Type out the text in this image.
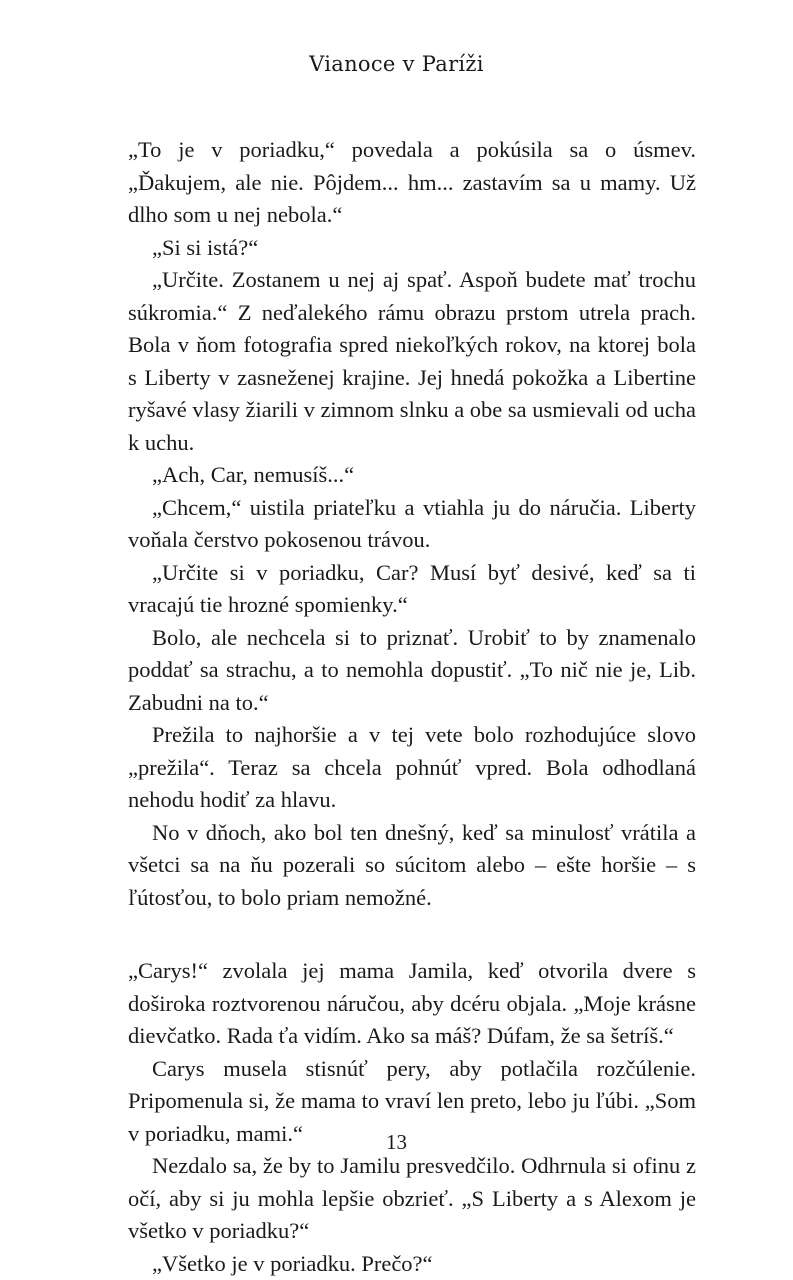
Vianoce v Paríži

„To je v poriadku,“ povedala a pokúsila sa o úsmev. „Ďakujem, ale nie. Pôjdem... hm... zastavím sa u mamy. Už dlho som u nej nebola.“

„Si si istá?“

„Určite. Zostanem u nej aj spať. Aspoň budete mať trochu súkromia.“ Z neďalekého rámu obrazu prstom utrela prach. Bola v ňom fotografia spred niekoľkých rokov, na ktorej bola s Liberty v zasneženej krajine. Jej hnedá pokožka a Libertine ryšavé vlasy žiarili v zimnom slnku a obe sa usmievali od ucha k uchu.

„Ach, Car, nemusíš...“

„Chcem,“ uistila priateľku a vtiahla ju do náručia. Liberty voňala čerstvo pokosenou trávou.

„Určite si v poriadku, Car? Musí byť desivé, keď sa ti vracajú tie hrozné spomienky.“

Bolo, ale nechcela si to priznať. Urobiť to by znamenalo poddať sa strachu, a to nemohla dopustiť. „To nič nie je, Lib. Zabudni na to.“

Prežila to najhoršie a v tej vete bolo rozhodujúce slovo „prežila“. Teraz sa chcela pohnúť vpred. Bola odhodlaná nehodu hodiť za hlavu.

No v dňoch, ako bol ten dnešný, keď sa minulosť vrátila a všetci sa na ňu pozerali so súcitom alebo – ešte horšie – s ľútosťou, to bolo priam nemožné.

„Carys!“ zvolala jej mama Jamila, keď otvorila dvere s doširoka roztvorenou náručou, aby dcéru objala. „Moje krásne dievčatko. Rada ťa vidím. Ako sa máš? Dúfam, že sa šetríš.“

Carys musela stisnúť pery, aby potlačila rozčúlenie. Pripomenula si, že mama to vraví len preto, lebo ju ľúbi. „Som v poriadku, mami.“

Nezdalo sa, že by to Jamilu presvedčilo. Odhrnula si ofinu z očí, aby si ju mohla lepšie obzrieť. „S Liberty a s Alexom je všetko v poriadku?“

„Všetko je v poriadku. Prečo?“

13
